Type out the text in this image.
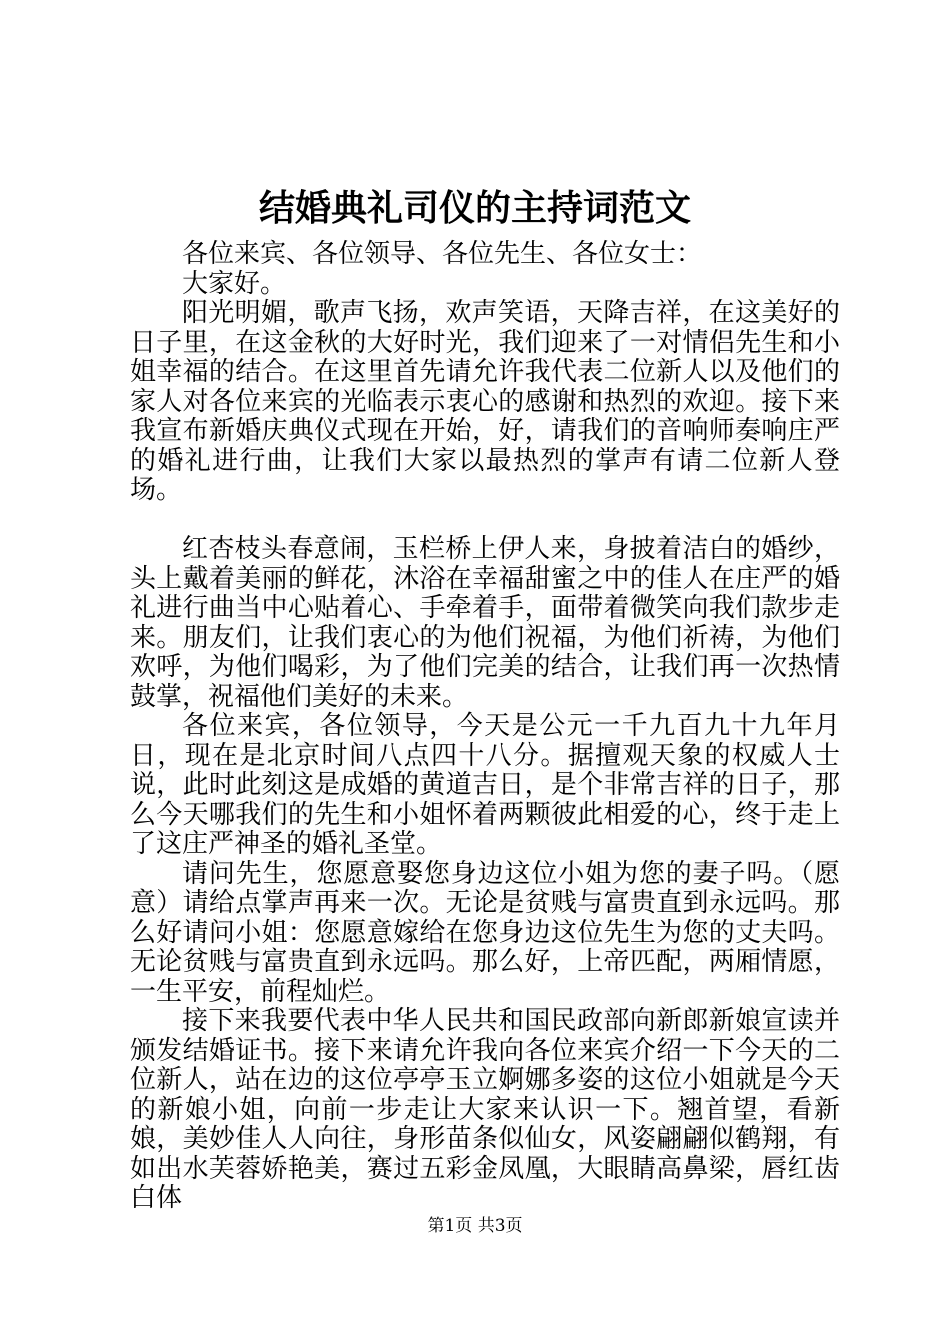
结婚典礼司仪的主持词范文

各位来宾、各位领导、各位先生、各位女士：

大家好。

阳光明媚，歌声飞扬，欢声笑语，天降吉祥，在这美好的日子里，在这金秋的大好时光，我们迎来了一对情侣先生和小姐幸福的结合。在这里首先请允许我代表二位新人以及他们的家人对各位来宾的光临表示衷心的感谢和热烈的欢迎。接下来我宣布新婚庆典仪式现在开始，好，请我们的音响师奏响庄严的婚礼进行曲，让我们大家以最热烈的掌声有请二位新人登场。

红杏枝头春意闹，玉栏桥上伊人来，身披着洁白的婚纱，头上戴着美丽的鲜花，沐浴在幸福甜蜜之中的佳人在庄严的婚礼进行曲当中心贴着心、手牵着手，面带着微笑向我们款步走来。朋友们，让我们衷心的为他们祝福，为他们祈祷，为他们欢呼，为他们喝彩，为了他们完美的结合，让我们再一次热情鼓掌，祝福他们美好的未来。

各位来宾，各位领导，今天是公元一千九百九十九年月日，现在是北京时间八点四十八分。据擅观天象的权威人士说，此时此刻这是成婚的黄道吉日，是个非常吉祥的日子，那么今天哪我们的先生和小姐怀着两颗彼此相爱的心，终于走上了这庄严神圣的婚礼圣堂。

请问先生，您愿意娶您身边这位小姐为您的妻子吗。（愿意）请给点掌声再来一次。无论是贫贱与富贵直到永远吗。那么好请问小姐：您愿意嫁给在您身边这位先生为您的丈夫吗。无论贫贱与富贵直到永远吗。那么好，上帝匹配，两厢情愿，一生平安，前程灿烂。

接下来我要代表中华人民共和国民政部向新郎新娘宣读并颁发结婚证书。接下来请允许我向各位来宾介绍一下今天的二位新人，站在边的这位亭亭玉立婀娜多姿的这位小姐就是今天的新娘小姐，向前一步走让大家来认识一下。翘首望，看新娘，美妙佳人人向往，身形苗条似仙女，风姿翩翩似鹤翔，有如出水芙蓉娇艳美，赛过五彩金凤凰，大眼睛高鼻梁，唇红齿白体

第1页 共3页
